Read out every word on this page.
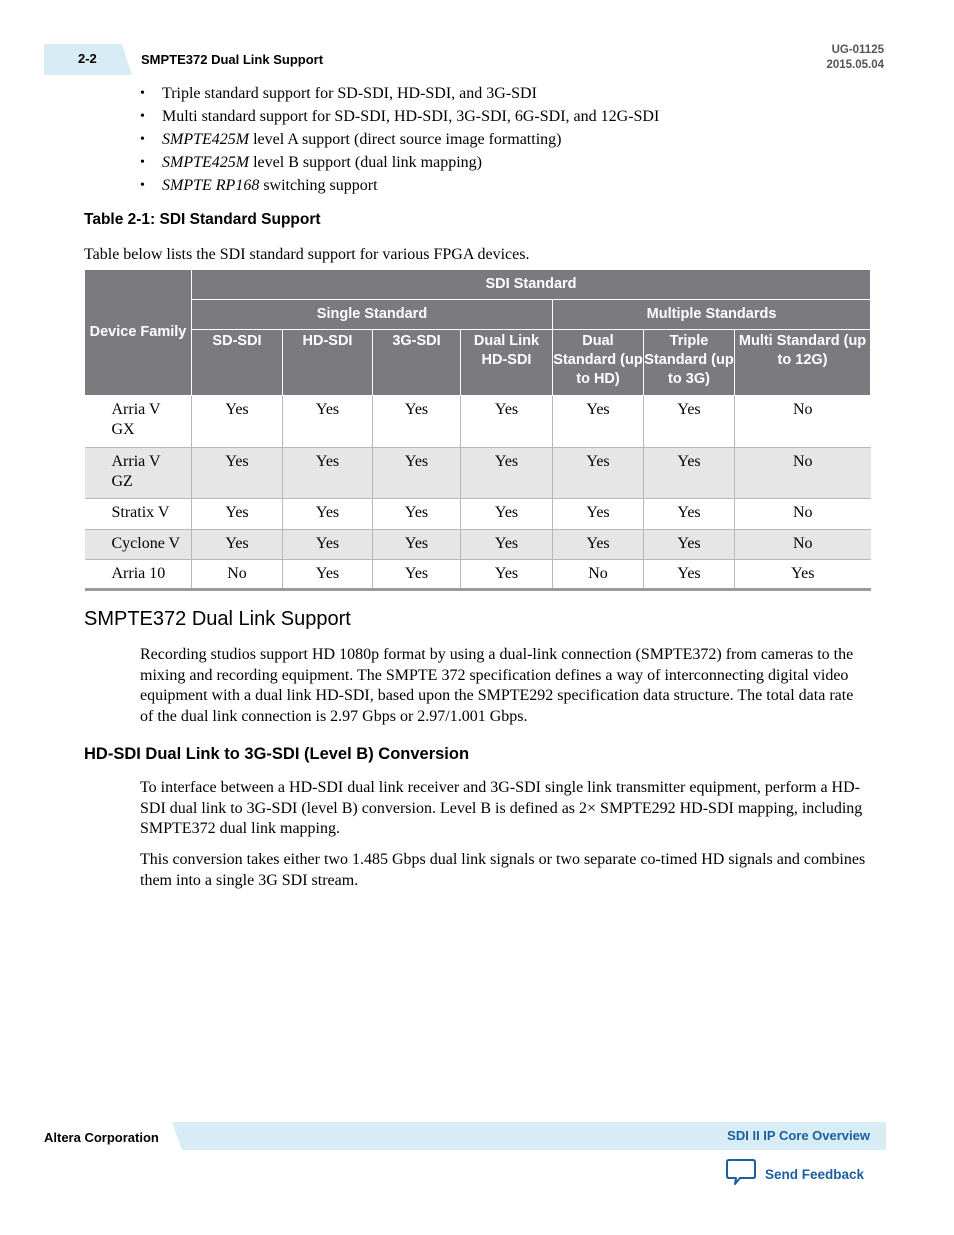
2-2	SMPTE372 Dual Link Support
UG-01125
2015.05.04
• Triple standard support for SD-SDI, HD-SDI, and 3G-SDI
• Multi standard support for SD-SDI, HD-SDI, 3G-SDI, 6G-SDI, and 12G-SDI
• SMPTE425M level A support (direct source image formatting)
• SMPTE425M level B support (dual link mapping)
• SMPTE RP168 switching support
Table 2-1: SDI Standard Support
Table below lists the SDI standard support for various FPGA devices.
Device Family	SDI Standard						
	Single Standard				Multiple Standards		
	SD-SDI	HD-SDI	3G-SDI	Dual Link HD-SDI	Dual Standard (up to HD)	Triple Standard (up to 3G)	Multi Standard (up to 12G)
Arria V GX	Yes	Yes	Yes	Yes	Yes	Yes	No
Arria V GZ	Yes	Yes	Yes	Yes	Yes	Yes	No
Stratix V	Yes	Yes	Yes	Yes	Yes	Yes	No
Cyclone V	Yes	Yes	Yes	Yes	Yes	Yes	No
Arria 10	No	Yes	Yes	Yes	No	Yes	Yes
SMPTE372 Dual Link Support

Recording studios support HD 1080p format by using a dual-link connection (SMPTE372) from cameras to the mixing and recording equipment. The SMPTE 372 specification defines a way of interconnecting digital video equipment with a dual link HD-SDI, based upon the SMPTE292 specification data structure. The total data rate of the dual link connection is 2.97 Gbps or 2.97/1.001 Gbps.

HD-SDI Dual Link to 3G-SDI (Level B) Conversion

To interface between a HD-SDI dual link receiver and 3G-SDI single link transmitter equipment, perform a HD-SDI dual link to 3G-SDI (level B) conversion. Level B is defined as 2× SMPTE292 HD-SDI mapping, including SMPTE372 dual link mapping.

This conversion takes either two 1.485 Gbps dual link signals or two separate co-timed HD signals and combines them into a single 3G SDI stream.

Altera Corporation	SDI II IP Core Overview
Send Feedback
